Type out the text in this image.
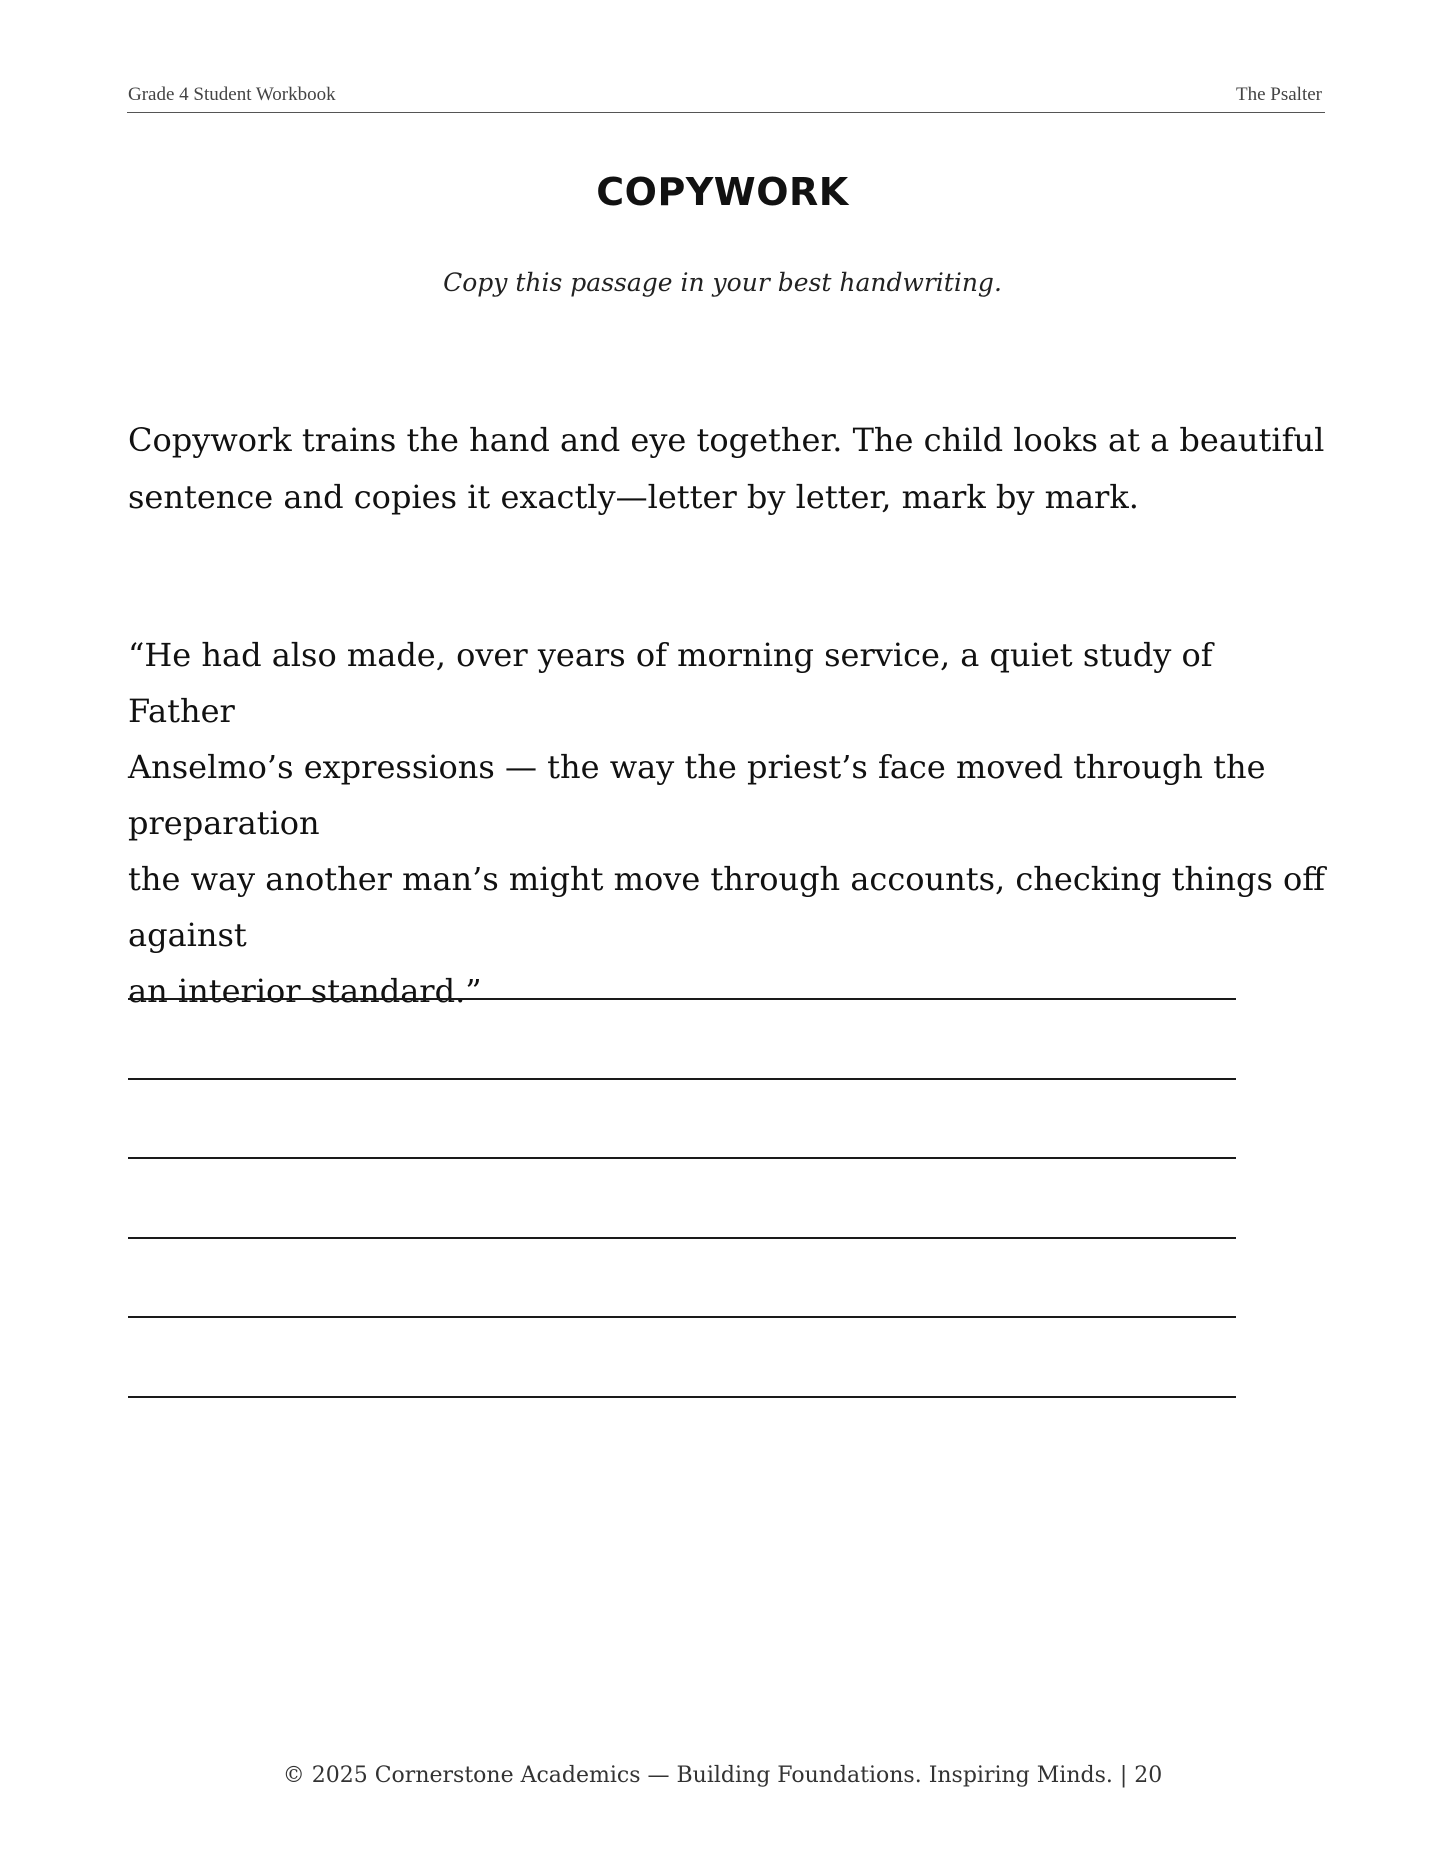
Grade 4 Student Workbook	The Psalter
COPYWORK
Copy this passage in your best handwriting.

Copywork trains the hand and eye together. The child looks at a beautiful sentence and copies it exactly—letter by letter, mark by mark.

“He had also made, over years of morning service, a quiet study of Father
Anselmo’s expressions — the way the priest’s face moved through the preparation
the way another man’s might move through accounts, checking things off against
an interior standard.”

© 2025 Cornerstone Academics — Building Foundations. Inspiring Minds. | 20
